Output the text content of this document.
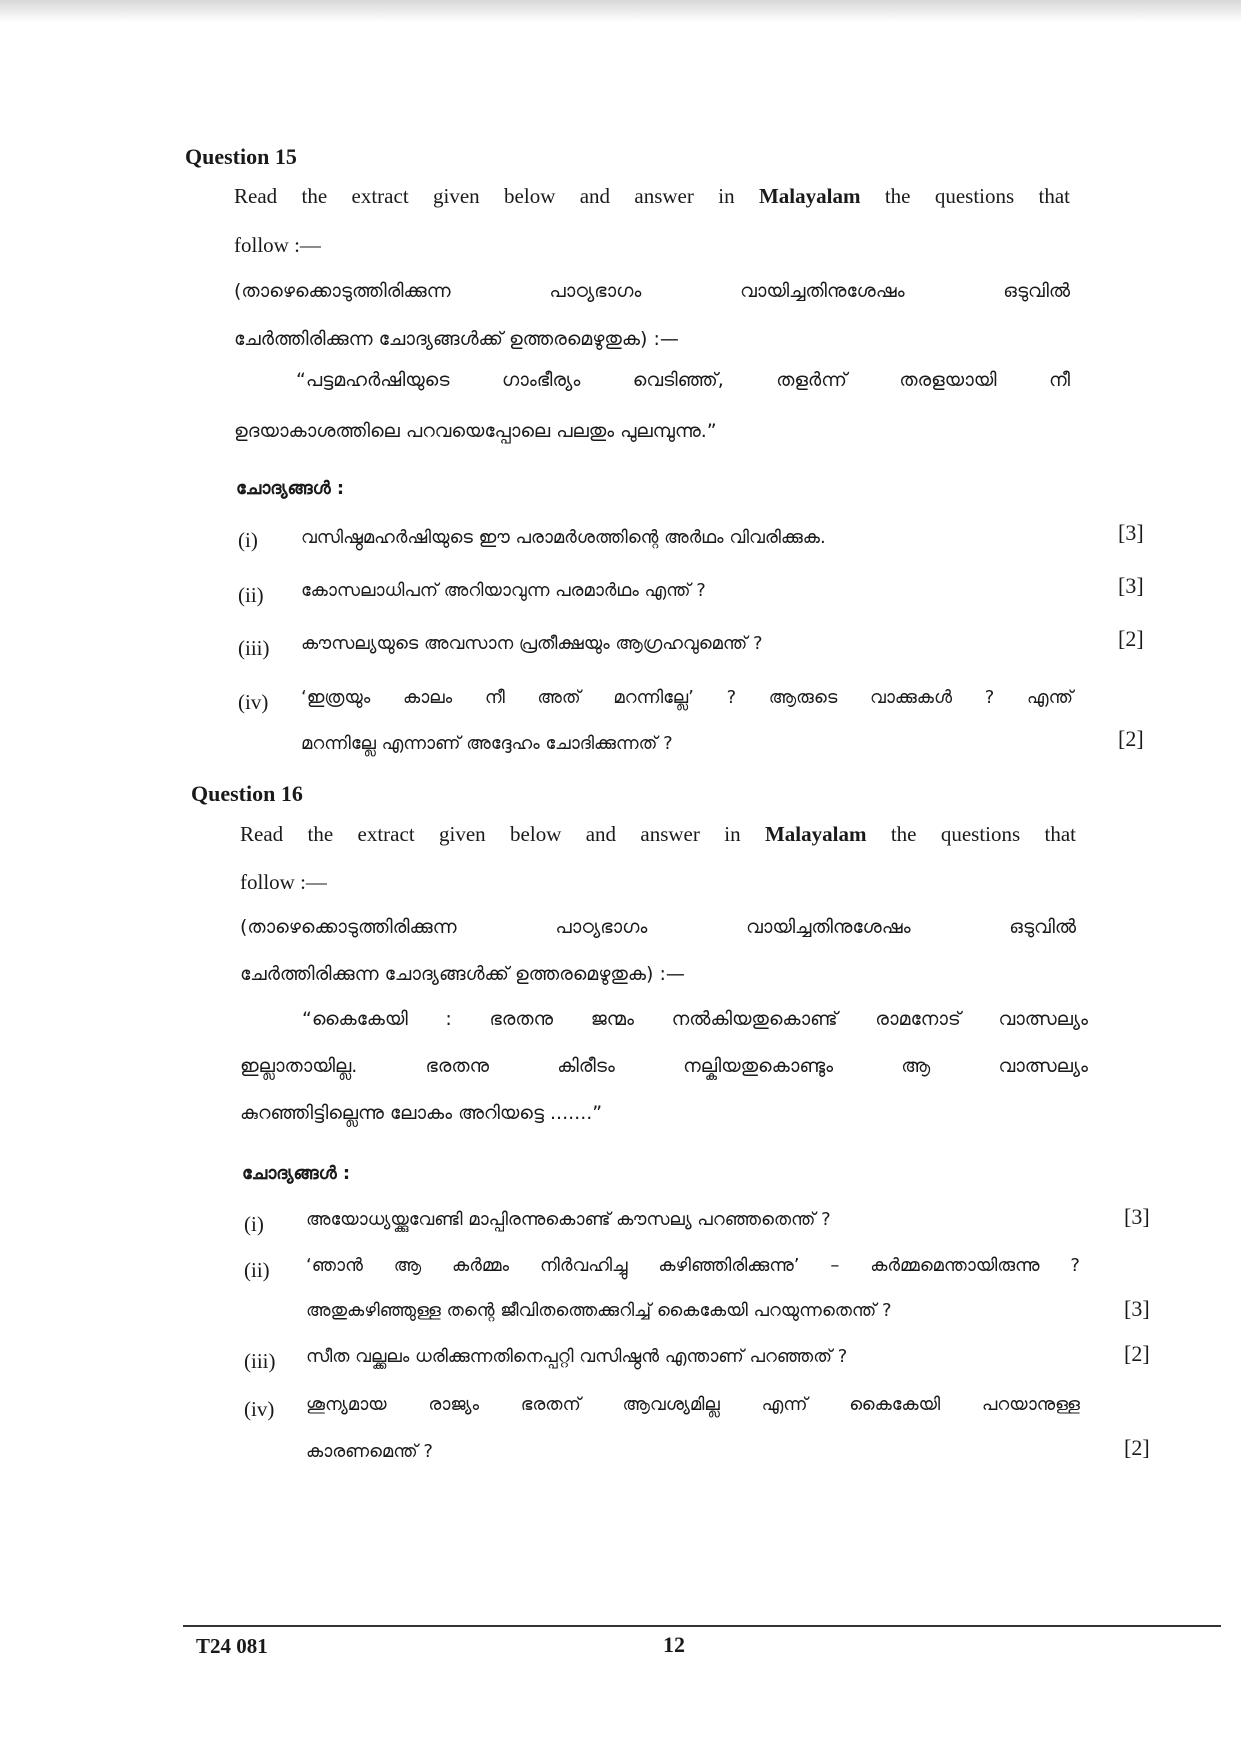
Question 15
Read the extract given below and answer in Malayalam the questions that
follow :—
(താഴെക്കൊടുത്തിരിക്കുന്ന പാഠ്യഭാഗം വായിച്ചതിനുശേഷം ഒടുവിൽ
ചേർത്തിരിക്കുന്ന ചോദ്യങ്ങൾക്ക് ഉത്തരമെഴുതുക) :—
“പട്ടമഹർഷിയുടെ ഗാംഭീര്യം വെടിഞ്ഞ്, തളർന്ന് തരളയായി നീ
ഉദയാകാശത്തിലെ പറവയെപ്പോലെ പലതും പുലമ്പുന്നു.”
ചോദ്യങ്ങൾ :
(i) വസിഷ്ഠമഹർഷിയുടെ ഈ പരാമർശത്തിന്റെ അർഥം വിവരിക്കുക.	[3]
(ii) കോസലാധിപന് അറിയാവുന്ന പരമാർഥം എന്ത് ?	[3]
(iii) കൗസല്യയുടെ അവസാന പ്രതീക്ഷയും ആഗ്രഹവുമെന്ത് ?	[2]
(iv) ‘ഇത്രയും കാലം നീ അത് മറന്നില്ലേ’ ? ആരുടെ വാക്കുകൾ ? എന്ത്
മറന്നില്ലേ എന്നാണ് അദ്ദേഹം ചോദിക്കുന്നത് ?	[2]
Question 16
Read the extract given below and answer in Malayalam the questions that
follow :—
(താഴെക്കൊടുത്തിരിക്കുന്ന പാഠ്യഭാഗം വായിച്ചതിനുശേഷം ഒടുവിൽ
ചേർത്തിരിക്കുന്ന ചോദ്യങ്ങൾക്ക് ഉത്തരമെഴുതുക) :—
“കൈകേയി : ഭരതനു ജന്മം നൽകിയതുകൊണ്ട് രാമനോട് വാത്സല്യം
ഇല്ലാതായില്ല. ഭരതനു കിരീടം നല്കിയതുകൊണ്ടും ആ വാത്സല്യം
കുറഞ്ഞിട്ടില്ലെന്നു ലോകം അറിയട്ടെ .......”
ചോദ്യങ്ങൾ :
(i) അയോധ്യയ്ക്കുവേണ്ടി മാപ്പിരന്നുകൊണ്ട് കൗസല്യ പറഞ്ഞതെന്ത് ?	[3]
(ii) ‘ഞാൻ ആ കർമ്മം നിർവഹിച്ചു കഴിഞ്ഞിരിക്കുന്നു’ – കർമ്മമെന്തായിരുന്നു ?
അതുകഴിഞ്ഞുള്ള തന്റെ ജീവിതത്തെക്കുറിച്ച് കൈകേയി പറയുന്നതെന്ത് ?	[3]
(iii) സീത വല്ക്കലം ധരിക്കുന്നതിനെപ്പറ്റി വസിഷ്ഠൻ എന്താണ് പറഞ്ഞത് ?	[2]
(iv) ശൂന്യമായ രാജ്യം ഭരതന് ആവശ്യമില്ല എന്ന് കൈകേയി പറയാനുള്ള
കാരണമെന്ത് ?	[2]
T24 081	12
